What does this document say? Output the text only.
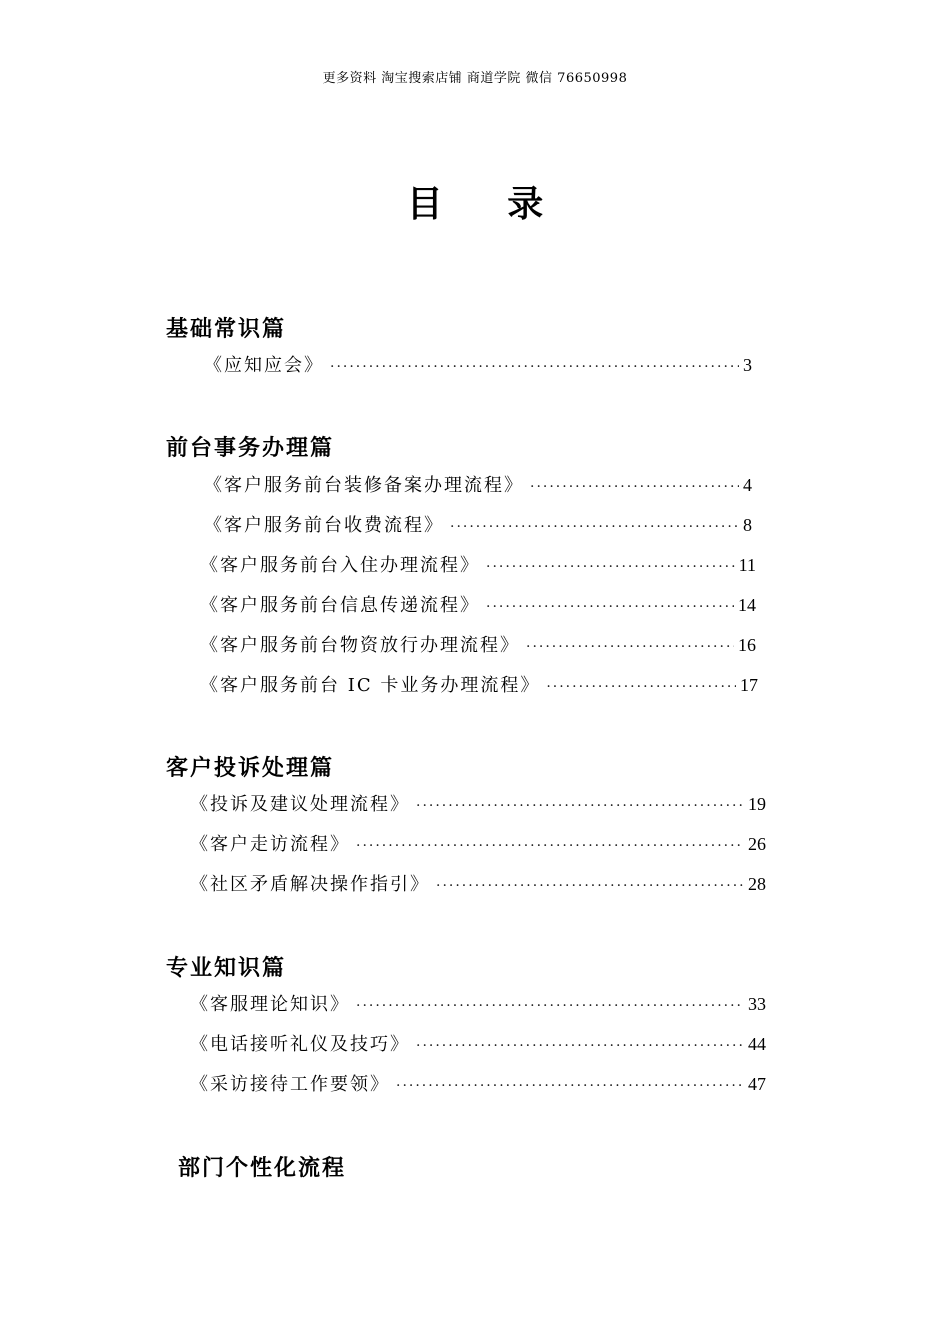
更多资料 淘宝搜索店铺 商道学院 微信 76650998
目 录
基础常识篇
《应知应会》 ·····	3
前台事务办理篇
《客户服务前台装修备案办理流程》 ·····	4
《客户服务前台收费流程》 ·····	8
《客户服务前台入住办理流程》 ·····	11
《客户服务前台信息传递流程》 ·····	14
《客户服务前台物资放行办理流程》 ·····	16
《客户服务前台 IC 卡业务办理流程》 ·····	17
客户投诉处理篇
《投诉及建议处理流程》 ·····	19
《客户走访流程》 ·····	26
《社区矛盾解决操作指引》 ·····	28
专业知识篇
《客服理论知识》 ·····	33
《电话接听礼仪及技巧》 ·····	44
《采访接待工作要领》 ·····	47
部门个性化流程
